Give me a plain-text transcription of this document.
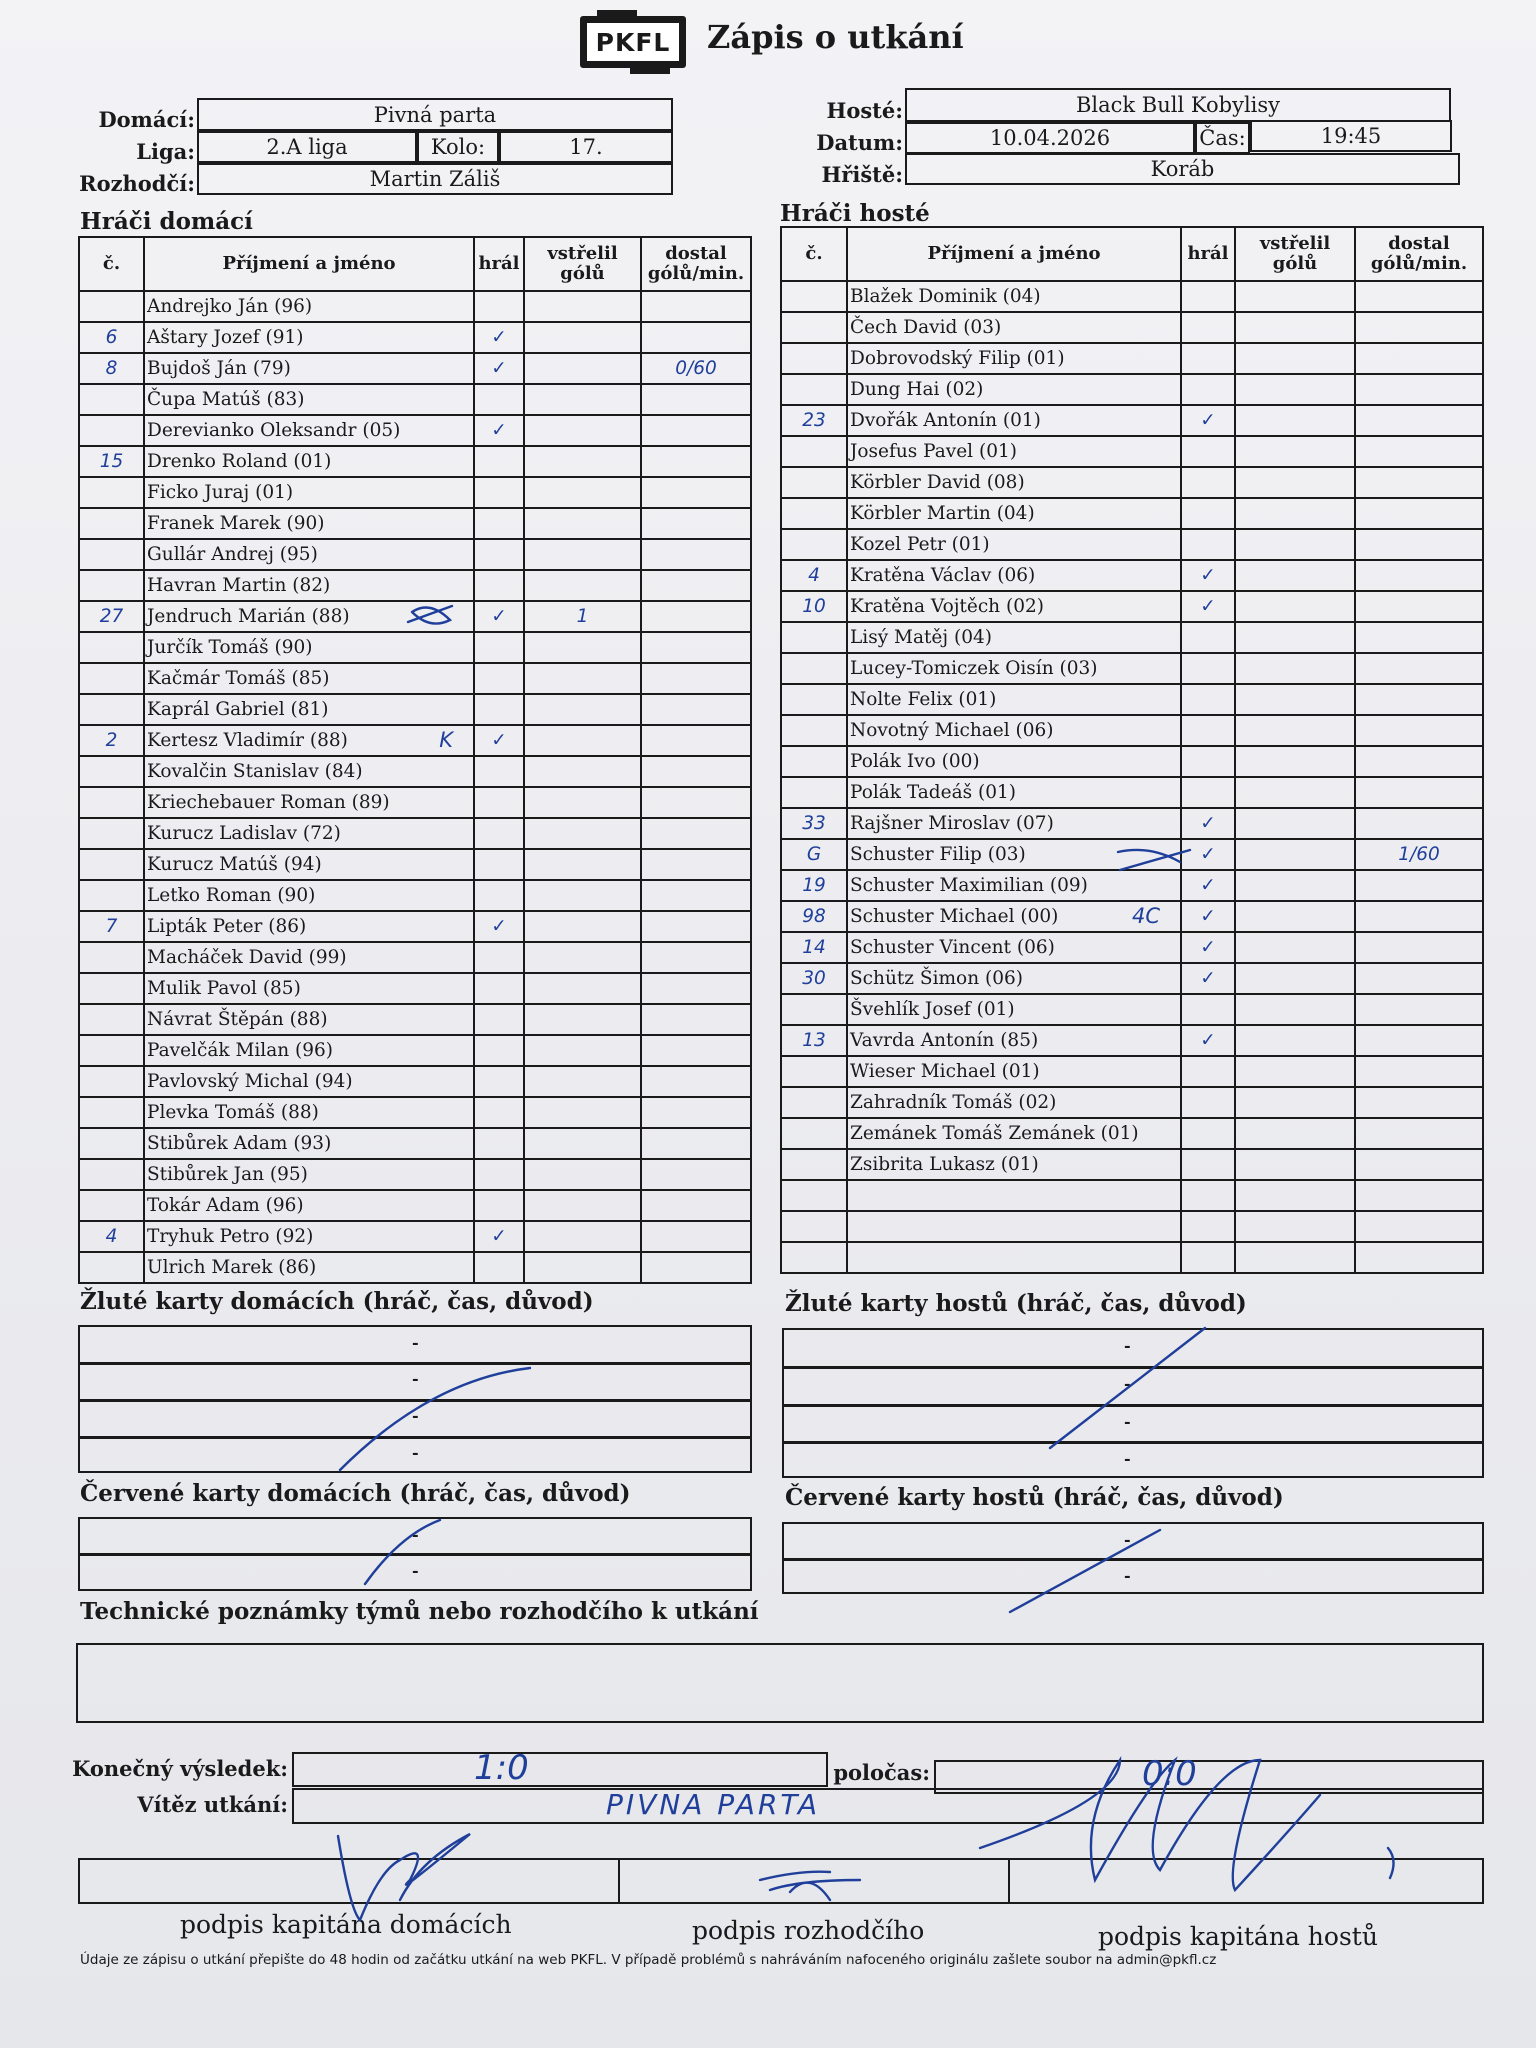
PKFL	Zápis o utkání
Domácí:	Pivná parta
Liga:	2.A liga	Kolo:	17.
Rozhodčí:	Martin Záliš
Hosté:	Black Bull Kobylisy
Datum:	10.04.2026	Čas:	19:45
Hřiště:	Koráb
Hráči domácí	Hráči hosté
č.	Příjmení a jméno	hrál	vstřelil
gólů	dostal
gólů/min.
	Andrejko Ján (96)			
6	Aštary Jozef (91)	✓		
8	Bujdoš Ján (79)	✓		0/60
	Čupa Matúš (83)			
	Derevianko Oleksandr (05)	✓		
15	Drenko Roland (01)			
	Ficko Juraj (01)			
	Franek Marek (90)			
	Gullár Andrej (95)			
	Havran Martin (82)			
27	Jendruch Marián (88)	✓	1	
	Jurčík Tomáš (90)			
	Kačmár Tomáš (85)			
	Kaprál Gabriel (81)			
2	Kertesz Vladimír (88) K	✓		
	Kovalčin Stanislav (84)			
	Kriechebauer Roman (89)			
	Kurucz Ladislav (72)			
	Kurucz Matúš (94)			
	Letko Roman (90)			
7	Lipták Peter (86)	✓		
	Macháček David (99)			
	Mulik Pavol (85)			
	Návrat Štěpán (88)			
	Pavelčák Milan (96)			
	Pavlovský Michal (94)			
	Plevka Tomáš (88)			
	Stibůrek Adam (93)			
	Stibůrek Jan (95)			
	Tokár Adam (96)			
4	Tryhuk Petro (92)	✓		
	Ulrich Marek (86)			
č.	Příjmení a jméno	hrál	vstřelil
gólů	dostal
gólů/min.
	Blažek Dominik (04)			
	Čech David (03)			
	Dobrovodský Filip (01)			
	Dung Hai (02)			
23	Dvořák Antonín (01)	✓		
	Josefus Pavel (01)			
	Körbler David (08)			
	Körbler Martin (04)			
	Kozel Petr (01)			
4	Kratěna Václav (06)	✓		
10	Kratěna Vojtěch (02)	✓		
	Lisý Matěj (04)			
	Lucey-Tomiczek Oisín (03)			
	Nolte Felix (01)			
	Novotný Michael (06)			
	Polák Ivo (00)			
	Polák Tadeáš (01)			
33	Rajšner Miroslav (07)	✓		
G	Schuster Filip (03)	✓		1/60
19	Schuster Maximilian (09)	✓		
98	Schuster Michael (00) 4C	✓		
14	Schuster Vincent (06)	✓		
30	Schütz Šimon (06)	✓		
	Švehlík Josef (01)			
13	Vavrda Antonín (85)	✓		
	Wieser Michael (01)			
	Zahradník Tomáš (02)			
	Zemánek Tomáš Zemánek (01)			
	Zsibrita Lukasz (01)			

Žluté karty domácích (hráč, čas, důvod)
-
-
-
-
Žluté karty hostů (hráč, čas, důvod)
-
-
-
-
Červené karty domácích (hráč, čas, důvod)
-
-
Červené karty hostů (hráč, čas, důvod)
-
-
Technické poznámky týmů nebo rozhodčího k utkání
Konečný výsledek:	1:0	poločas:	0:0
Vítěz utkání:	PIVNA PARTA
podpis kapitána domácích	podpis rozhodčího	podpis kapitána hostů
Údaje ze zápisu o utkání přepište do 48 hodin od začátku utkání na web PKFL. V případě problémů s nahráváním nafoceného originálu zašlete soubor na admin@pkfl.cz
